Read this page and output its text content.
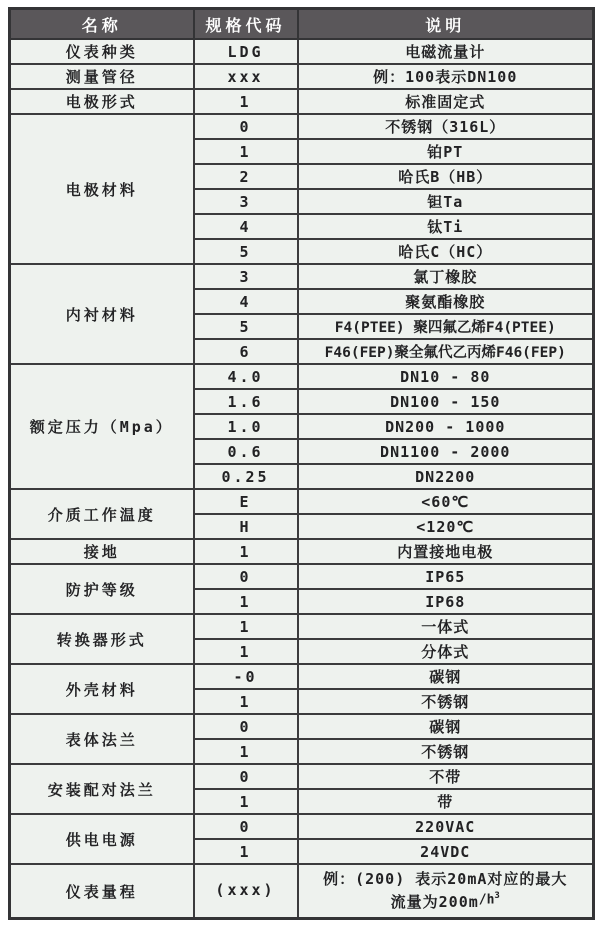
名称	规格代码	说明
仪表种类	LDG	电磁流量计
测量管径	xxx	例：100表示DN100
电极形式	1	标准固定式
电极材料	0	不锈钢（316L）
	1	铂PT
	2	哈氏B（HB）
	3	钽Ta
	4	钛Ti
	5	哈氏C（HC）
内衬材料	3	氯丁橡胶
	4	聚氨酯橡胶
	5	F4(PTEE) 聚四氟乙烯F4(PTEE)
	6	F46(FEP)聚全氟代乙丙烯F46(FEP)
额定压力（Mpa）	4.0	DN10 - 80
	1.6	DN100 - 150
	1.0	DN200 - 1000
	0.6	DN1100 - 2000
	0.25	DN2200
介质工作温度	E	<60℃
	H	<120℃
接地	1	内置接地电极
防护等级	0	IP65
	1	IP68
转换器形式	1	一体式
	1	分体式
外壳材料	-0	碳钢
	1	不锈钢
表体法兰	0	碳钢
	1	不锈钢
安装配对法兰	0	不带
	1	带
供电电源	0	220VAC
	1	24VDC
仪表量程	(xxx)	例：(200) 表示20mA对应的最大
流量为$200m/h^3$
